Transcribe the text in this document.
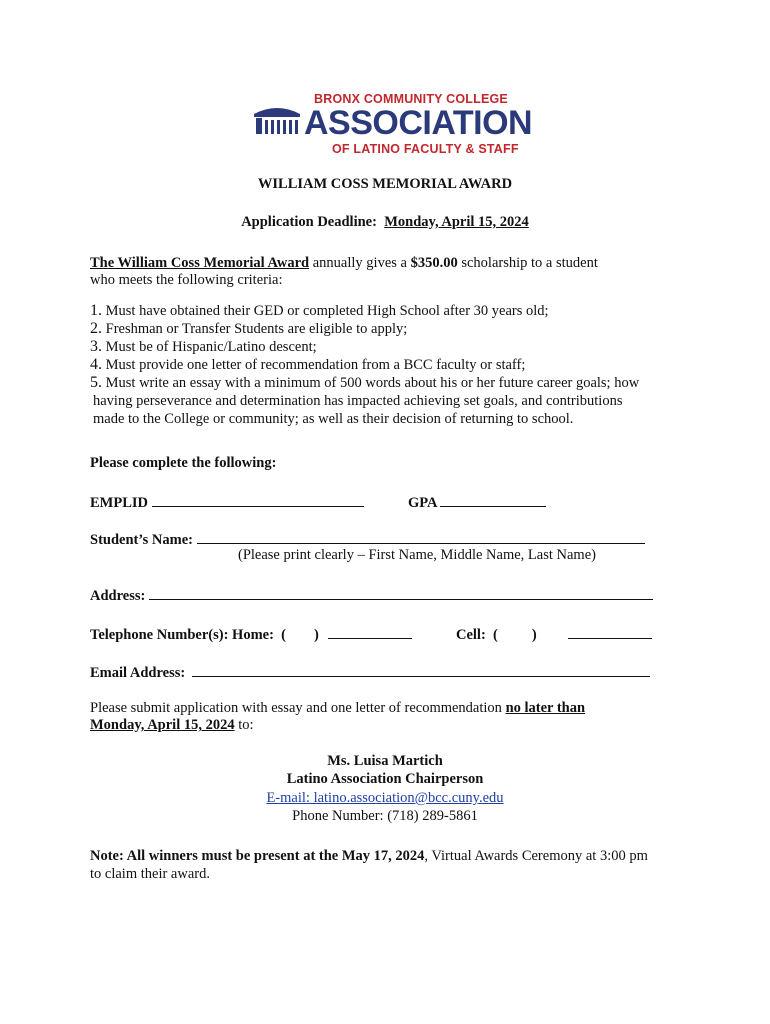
BRONX COMMUNITY COLLEGE
ASSOCIATION
OF LATINO FACULTY & STAFF
WILLIAM COSS MEMORIAL AWARD
Application Deadline: Monday, April 15, 2024
The William Coss Memorial Award annually gives a $350.00 scholarship to a student
who meets the following criteria:
1. Must have obtained their GED or completed High School after 30 years old;
2. Freshman or Transfer Students are eligible to apply;
3. Must be of Hispanic/Latino descent;
4. Must provide one letter of recommendation from a BCC faculty or staff;
5. Must write an essay with a minimum of 500 words about his or her future career goals; how
having perseverance and determination has impacted achieving set goals, and contributions
made to the College or community; as well as their decision of returning to school.
Please complete the following:
EMPLID	GPA
Student’s Name:
(Please print clearly – First Name, Middle Name, Last Name)
Address:
Telephone Number(s): Home: ( )	Cell: ( )
Email Address:
Please submit application with essay and one letter of recommendation no later than
Monday, April 15, 2024 to:
Ms. Luisa Martich
Latino Association Chairperson
E-mail: latino.association@bcc.cuny.edu
Phone Number: (718) 289-5861
Note: All winners must be present at the May 17, 2024, Virtual Awards Ceremony at 3:00 pm
to claim their award.
